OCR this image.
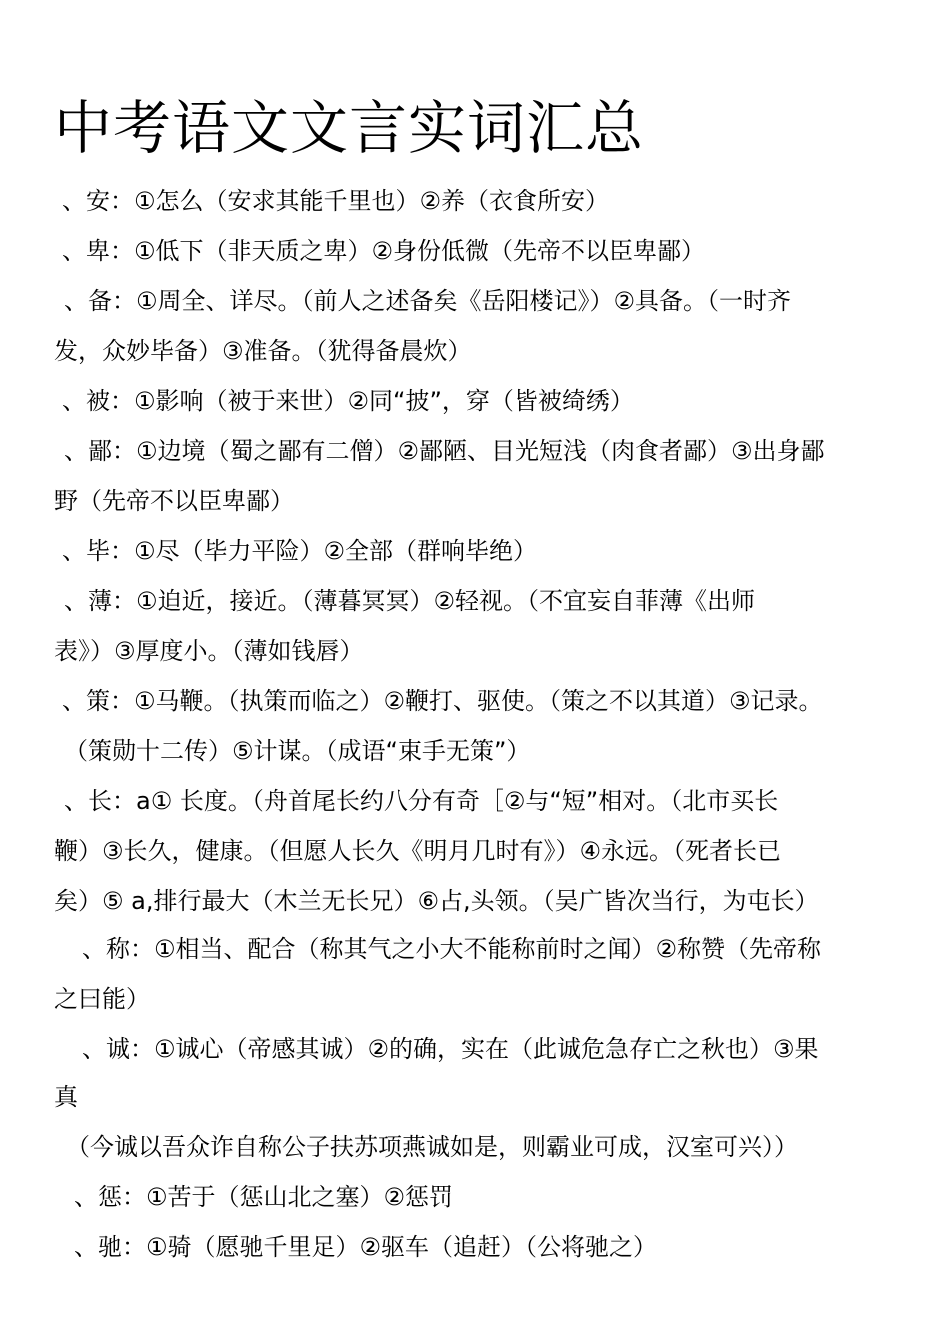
中考语文文言实词汇总
、安：①怎么（安求其能千里也）②养（衣食所安）
、卑：①低下（非天质之卑）②身份低微（先帝不以臣卑鄙）
、备：①周全、详尽。（前人之述备矣《岳阳楼记》）②具备。（一时齐
发，众妙毕备）③准备。（犹得备晨炊）
、被：①影响（被于来世）②同“披”，穿（皆被绮绣）
、鄙：①边境（蜀之鄙有二僧）②鄙陋、目光短浅（肉食者鄙）③出身鄙
野（先帝不以臣卑鄙）
、毕：①尽（毕力平险）②全部（群响毕绝）
、薄：①迫近，接近。（薄暮冥冥）②轻视。（不宜妄自菲薄《出师
表》）③厚度小。（薄如钱唇）
、策：①马鞭。（执策而临之）②鞭打、驱使。（策之不以其道）③记录。
（策勋十二传）⑤计谋。（成语“束手无策”）
、长：a① 长度。（舟首尾长约八分有奇［②与“短”相对。（北市买长
鞭）③长久，健康。（但愿人长久《明月几时有》）④永远。（死者长已
矣）⑤ a,排行最大（木兰无长兄）⑥占,头领。（吴广皆次当行，为屯长）
、称：①相当、配合（称其气之小大不能称前时之闻）②称赞（先帝称
之曰能）
、诚：①诚心（帝感其诚）②的确，实在（此诚危急存亡之秋也）③果
真
（今诚以吾众诈自称公子扶苏项燕诚如是，则霸业可成，汉室可兴））
、惩：①苦于（惩山北之塞）②惩罚
、驰：①骑（愿驰千里足）②驱车（追赶）（公将驰之）
